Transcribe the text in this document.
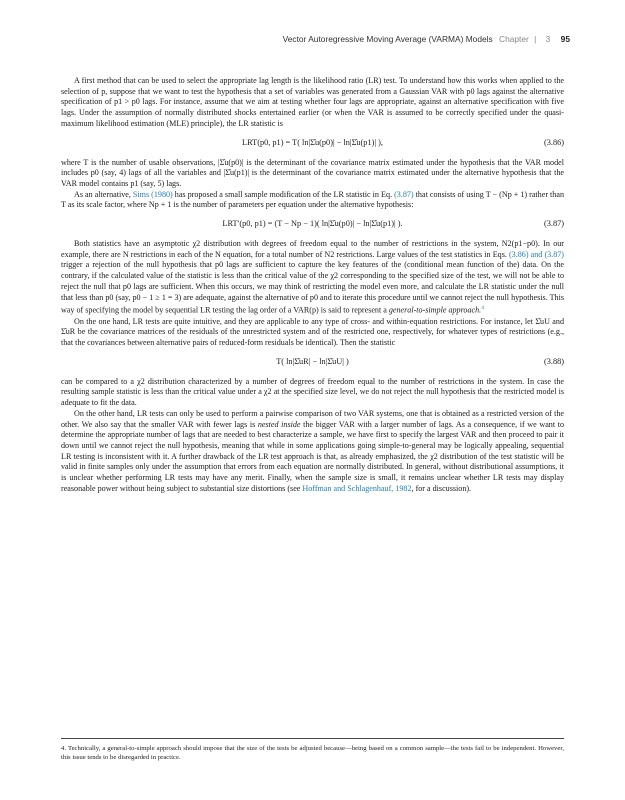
Vector Autoregressive Moving Average (VARMA) Models Chapter | 3 95

A first method that can be used to select the appropriate lag length is the likelihood ratio (LR) test. To understand how this works when applied to the selection of p, suppose that we want to test the hypothesis that a set of variables was generated from a Gaussian VAR with p0 lags against the alternative specification of p1 > p0 lags. For instance, assume that we aim at testing whether four lags are appropriate, against an alternative specification with five lags. Under the assumption of normally distributed shocks entertained earlier (or when the VAR is assumed to be correctly specified under the quasi-maximum likelihood estimation (MLE) principle), the LR statistic is

LRT(p0, p1) = T( ln|Σ̂u(p0)| − ln|Σ̂u(p1)| ),	(3.86)

where T is the number of usable observations, |Σ̂u(p0)| is the determinant of the covariance matrix estimated under the hypothesis that the VAR model includes p0 (say, 4) lags of all the variables and |Σ̂u(p1)| is the determinant of the covariance matrix estimated under the alternative hypothesis that the VAR model contains p1 (say, 5) lags.

As an alternative, Sims (1980) has proposed a small sample modification of the LR statistic in Eq. (3.87) that consists of using T − (Np + 1) rather than T as its scale factor, where Np + 1 is the number of parameters per equation under the alternative hypothesis:

LRT′(p0, p1) = (T − Np − 1)( ln|Σ̂u(p0)| − ln|Σ̂u(p1)| ).	(3.87)

Both statistics have an asymptotic χ2 distribution with degrees of freedom equal to the number of restrictions in the system, N2(p1−p0). In our example, there are N restrictions in each of the N equation, for a total number of N2 restrictions. Large values of the test statistics in Eqs. (3.86) and (3.87) trigger a rejection of the null hypothesis that p0 lags are sufficient to capture the key features of the (conditional mean function of the) data. On the contrary, if the calculated value of the statistic is less than the critical value of the χ2 corresponding to the specified size of the test, we will not be able to reject the null that p0 lags are sufficient. When this occurs, we may think of restricting the model even more, and calculate the LR statistic under the null that less than p0 (say, p0 − 1 ≥ 1 = 3) are adequate, against the alternative of p0 and to iterate this procedure until we cannot reject the null hypothesis. This way of specifying the model by sequential LR testing the lag order of a VAR(p) is said to represent a general-to-simple approach.$^4$

On the one hand, LR tests are quite intuitive, and they are applicable to any type of cross- and within-equation restrictions. For instance, let Σ̂uU and Σ̂uR be the covariance matrices of the residuals of the unrestricted system and of the restricted one, respectively, for whatever types of restrictions (e.g., that the covariances between alternative pairs of reduced-form residuals be identical). Then the statistic

T( ln|Σ̂uR| − ln|Σ̂uU| )	(3.88)

can be compared to a χ2 distribution characterized by a number of degrees of freedom equal to the number of restrictions in the system. In case the resulting sample statistic is less than the critical value under a χ2 at the specified size level, we do not reject the null hypothesis that the restricted model is adequate to fit the data.

On the other hand, LR tests can only be used to perform a pairwise comparison of two VAR systems, one that is obtained as a restricted version of the other. We also say that the smaller VAR with fewer lags is nested inside the bigger VAR with a larger number of lags. As a consequence, if we want to determine the appropriate number of lags that are needed to best characterize a sample, we have first to specify the largest VAR and then proceed to pair it down until we cannot reject the null hypothesis, meaning that while in some applications going simple-to-general may be logically appealing, sequential LR testing is inconsistent with it. A further drawback of the LR test approach is that, as already emphasized, the χ2 distribution of the test statistic will be valid in finite samples only under the assumption that errors from each equation are normally distributed. In general, without distributional assumptions, it is unclear whether performing LR tests may have any merit. Finally, when the sample size is small, it remains unclear whether LR tests may display reasonable power without being subject to substantial size distortions (see Hoffman and Schlagenhauf, 1982, for a discussion).

4. Technically, a general-to-simple approach should impose that the size of the tests be adjusted because—being based on a common sample—the tests fail to be independent. However, this issue tends to be disregarded in practice.
